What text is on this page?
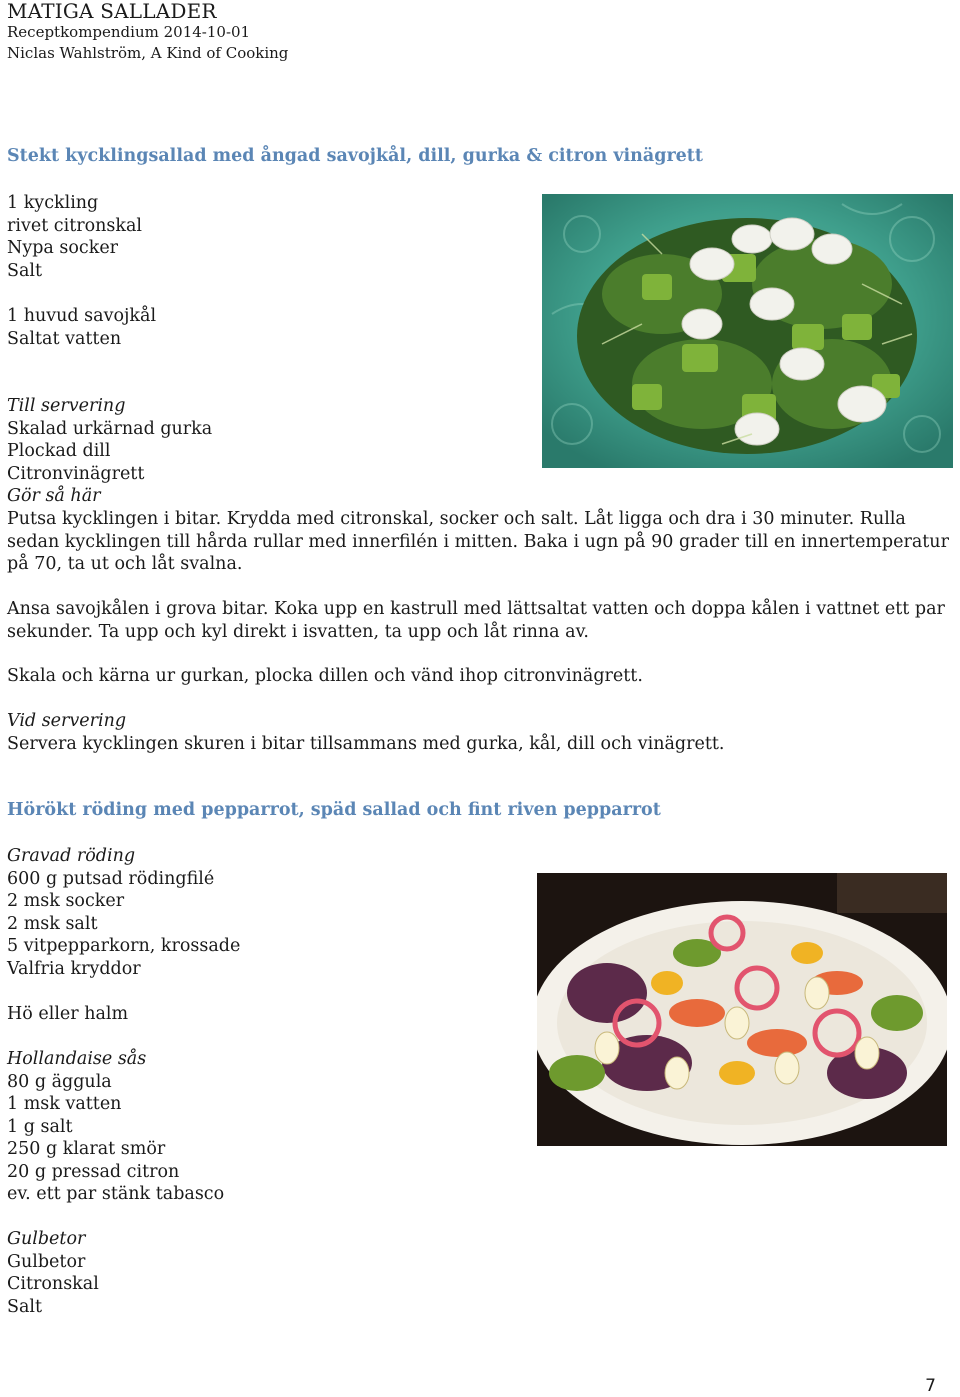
MATIGA SALLADER
Receptkompendium 2014-10-01
Niclas Wahlström, A Kind of Cooking
Stekt kycklingsallad med ångad savojkål, dill, gurka & citron vinägrett
1 kyckling
rivet citronskal
Nypa socker
Salt
1 huvud savojkål
Saltat vatten
Till servering
Skalad urkärnad gurka
Plockad dill
Citronvinägrett
Gör så här
Putsa kycklingen i bitar. Krydda med citronskal, socker och salt. Låt ligga och dra i 30 minuter. Rulla
sedan kycklingen till hårda rullar med innerfilén i mitten. Baka i ugn på 90 grader till en innertemperatur
på 70, ta ut och låt svalna.
Ansa savojkålen i grova bitar. Koka upp en kastrull med lättsaltat vatten och doppa kålen i vattnet ett par
sekunder. Ta upp och kyl direkt i isvatten, ta upp och låt rinna av.
Skala och kärna ur gurkan, plocka dillen och vänd ihop citronvinägrett.
Vid servering
Servera kycklingen skuren i bitar tillsammans med gurka, kål, dill och vinägrett.
Hörökt röding med pepparrot, späd sallad och fint riven pepparrot
Gravad röding
600 g putsad rödingfilé
2 msk socker
2 msk salt
5 vitpepparkorn, krossade
Valfria kryddor
Hö eller halm
Hollandaise sås
80 g äggula
1 msk vatten
1 g salt
250 g klarat smör
20 g pressad citron
ev. ett par stänk tabasco
Gulbetor
Gulbetor
Citronskal
Salt
7
